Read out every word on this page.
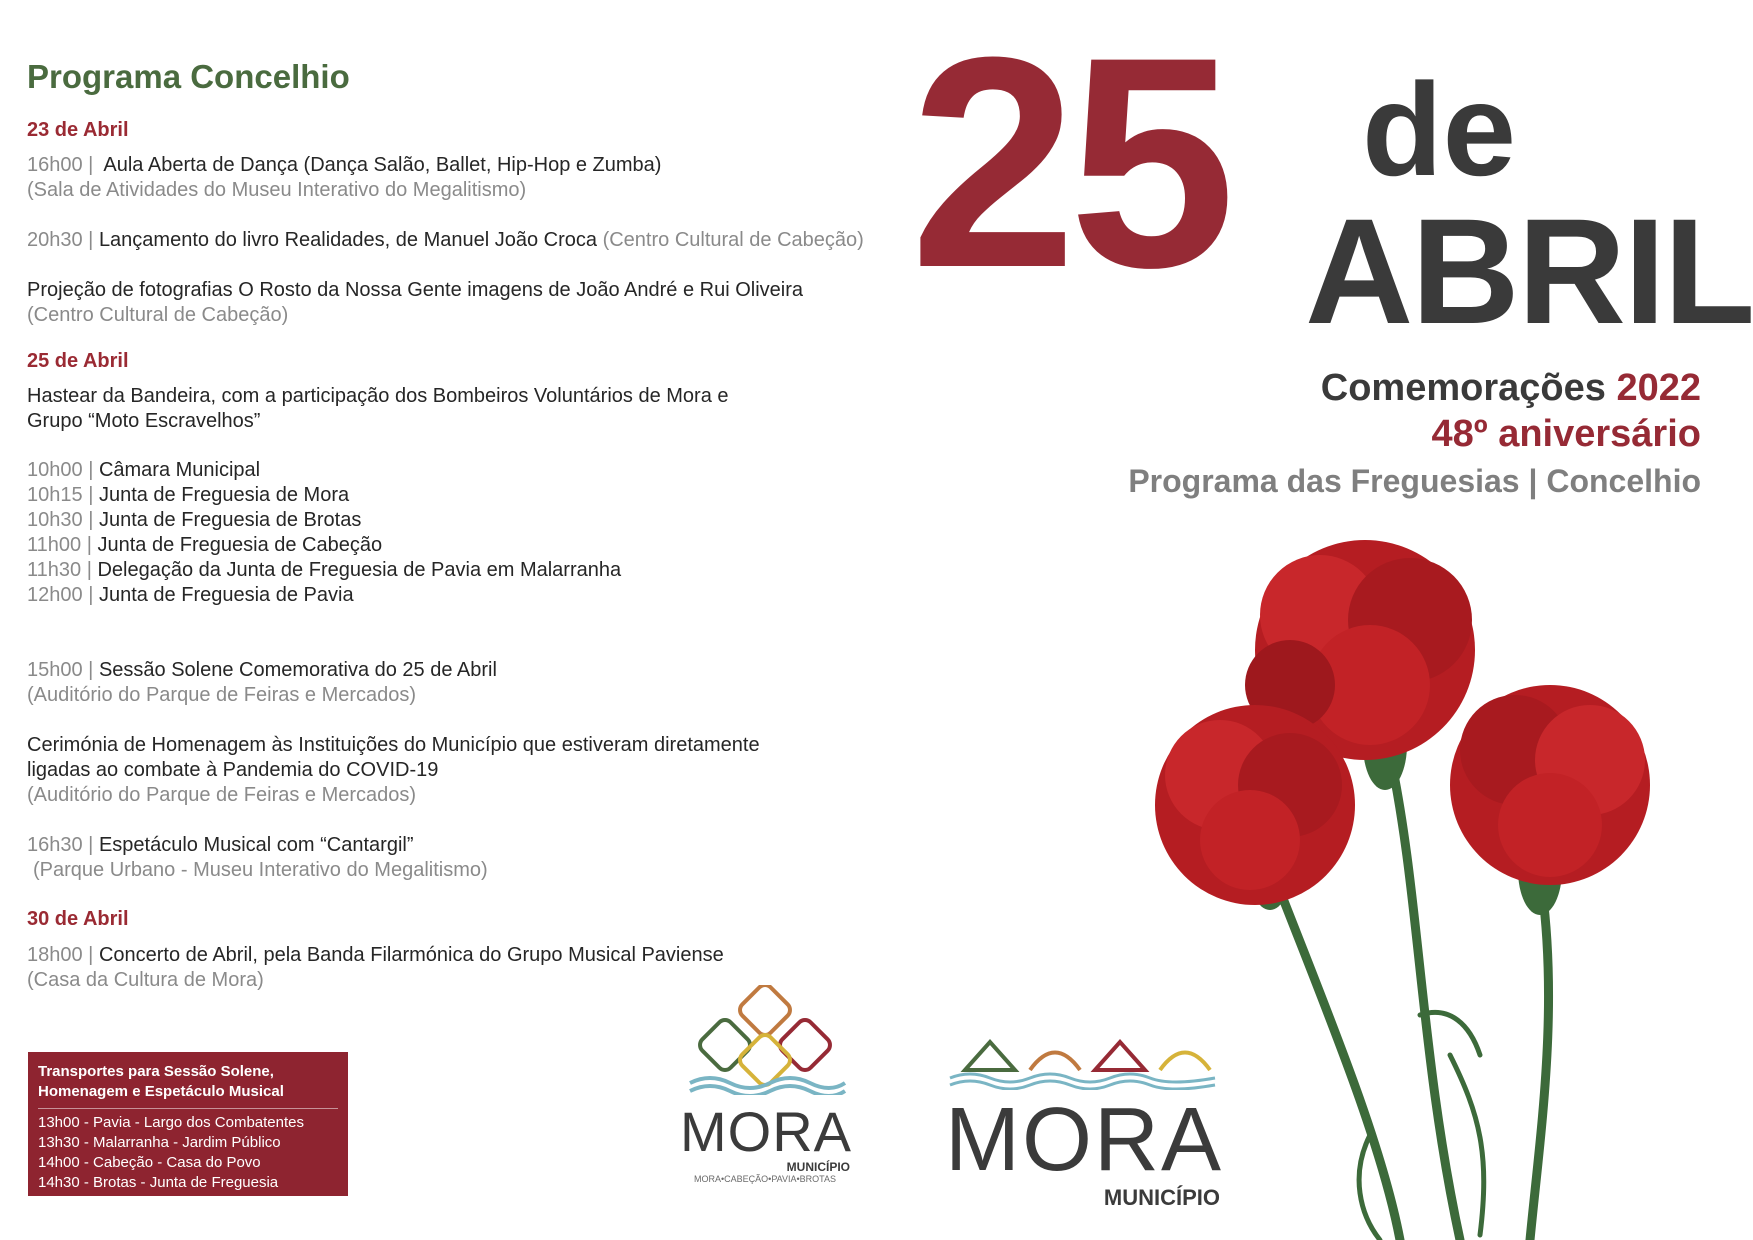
Programa Concelhio
23 de Abril
16h00 | Aula Aberta de Dança (Dança Salão, Ballet, Hip-Hop e Zumba)
(Sala de Atividades do Museu Interativo do Megalitismo)
20h30 | Lançamento do livro Realidades, de Manuel João Croca (Centro Cultural de Cabeção)
Projeção de fotografias O Rosto da Nossa Gente imagens de João André e Rui Oliveira
(Centro Cultural de Cabeção)
25 de Abril
Hastear da Bandeira, com a participação dos Bombeiros Voluntários de Mora e
Grupo “Moto Escravelhos”
10h00 | Câmara Municipal
10h15 | Junta de Freguesia de Mora
10h30 | Junta de Freguesia de Brotas
11h00 | Junta de Freguesia de Cabeção
11h30 | Delegação da Junta de Freguesia de Pavia em Malarranha
12h00 | Junta de Freguesia de Pavia
15h00 | Sessão Solene Comemorativa do 25 de Abril
(Auditório do Parque de Feiras e Mercados)
Cerimónia de Homenagem às Instituições do Município que estiveram diretamente
ligadas ao combate à Pandemia do COVID-19
(Auditório do Parque de Feiras e Mercados)
16h30 | Espetáculo Musical com “Cantargil”
(Parque Urbano - Museu Interativo do Megalitismo)
30 de Abril
18h00 | Concerto de Abril, pela Banda Filarmónica do Grupo Musical Paviense
(Casa da Cultura de Mora)
Transportes para Sessão Solene,
Homenagem e Espetáculo Musical
13h00 - Pavia - Largo dos Combatentes
13h30 - Malarranha - Jardim Público
14h00 - Cabeção - Casa do Povo
14h30 - Brotas - Junta de Freguesia
25 de
ABRIL
Comemorações 2022
48º aniversário
Programa das Freguesias | Concelhio
MORA
MUNICÍPIO
MORA•CABEÇÃO•PAVIA•BROTAS MORA
MUNICÍPIO
